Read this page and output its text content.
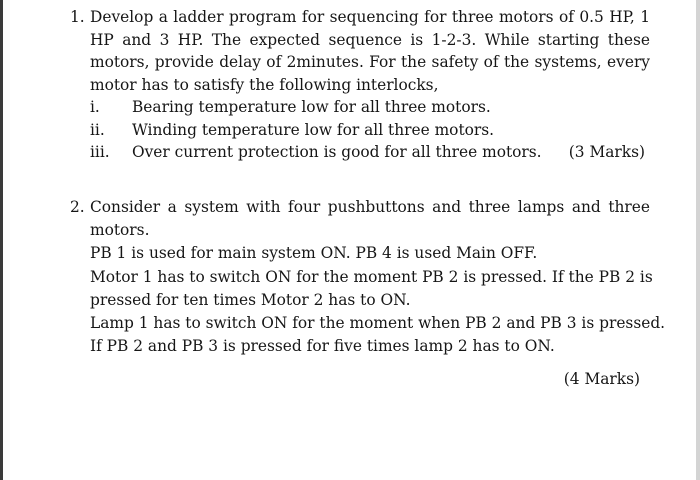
1. Develop a ladder program for sequencing for three motors of 0.5 HP, 1 HP and 3 HP. The expected sequence is 1-2-3. While starting these motors, provide delay of 2minutes. For the safety of the systems, every motor has to satisfy the following interlocks,
i. Bearing temperature low for all three motors.
ii. Winding temperature low for all three motors.
iii. Over current protection is good for all three motors. (3 Marks)
2. Consider a system with four pushbuttons and three lamps and three motors.
PB 1 is used for main system ON. PB 4 is used Main OFF.
Motor 1 has to switch ON for the moment PB 2 is pressed. If the PB 2 is
pressed for ten times Motor 2 has to ON.
Lamp 1 has to switch ON for the moment when PB 2 and PB 3 is pressed.
If PB 2 and PB 3 is pressed for five times lamp 2 has to ON.
(4 Marks)
